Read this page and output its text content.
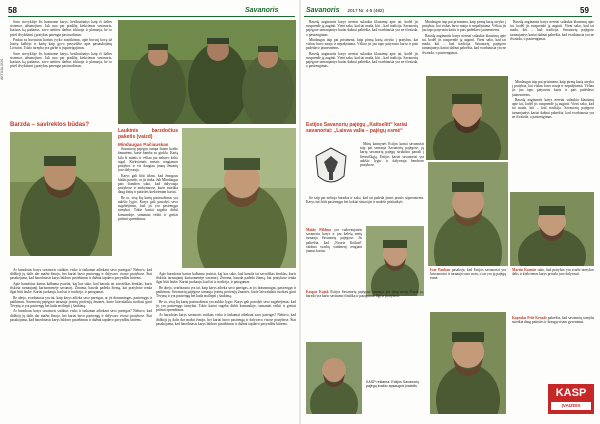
58	Savanoris
AKTUALIJOS

Savo stovykloje šis baziname karys, besikuriantys kaip iš dalies sistemos užsimojimo. Juk nuo pat pradžių kiekvienas savanoris, kuriuos ką padarius, savo ateities darbus rikiuoja ir planuoja, be to prieš išvykdami į pratybas parengia pasiruošimus.

Paskui su buvusiais kariais įvyko susitikimas, apie buvusį kovą už laisvę kalbėjo ir karių kaip gyvo pavyzdžio apie pasiaukojimą Lietuvai. Tokio tarnyba yra garbė ir įsipareigojimas.

Savo stovykloje šis baziname karys, besikuriantys kaip iš dalies sistemos užsimojimo. Juk nuo pat pradžių kiekvienas savanoris, kuriuos ką padarius, savo ateities darbus rikiuoja ir planuoja, be to prieš išvykdami į pratybas parengia pasiruošimus.

Barzda – savireklos būdas?

Laukinis barzdočius paketis (vaizd)
Mindaugas Pačiauskas

Savanorių pajėgos tampa šiame krašte žmonėms, kurie bamba su ginklu. Kartą kilo ši mintis ir vėliau jau nebuvo kelio atgal. Kiekvienais metais rengiamos pratybos ir vis daugiau jaunų žmonių jose dalyvauja.

Karys gali būti tikras, kad žmogaus būdas parodo, ar jis tinka. Juk Mindaugas pats šiandien sako, kad dalyvauja pratybose ir mokymuose, kurie suteikia daug žinių ir patirties kiekvienam kariui.

Be to, visų šių karių pasiruošimas yra aukšto lygio. Karys gali parodyti savo sugebėjimus, kad jis yra pasirengęs tarnybai. Tokie kariai sugeba dirbti komandoje, sumaniai veikti ir greitai priimti sprendimus.

Ar barzdotas karys savanoris sutiktas visko ir tinkamai atliekant savo pareigas? Nebuvo, kad didžioji jų dalis dar mažai žinojo, bet kariai buvo pasirengę ir dalyvavo visose pratybose. Štai pasakojama, kad barzdotasis karys būdavo pastebimas ir dažnai tapdavo pavyzdžiu kitiems.

Apie barzdotus karius kalbama įvairiai, kai kas sako, kad barzda tai savotiškas ženklas, kuris išskiria tarnaujantį kariuomenėje savanorį. Žinoma, barzda padeda žiemą, kai pratybose tenka ilgai būti lauke. Kariai juokauja, kad tai ir tradicija, ir patogumas.

Be abejo, svarbiausia yra tai, kaip karys atlieka savo pareigas, ar jis drausmingas, pasirengęs ir patikimas. Savanorių pajėgose tarnauja įvairių profesijų žmonės, kurie laisvalaikiu ruošiasi ginti Tėvynę ir yra pasirengę bet kada atsiliepti į šaukimą.

Ar barzdotas karys savanoris sutiktas visko ir tinkamai atliekant savo pareigas? Nebuvo, kad didžioji jų dalis dar mažai žinojo, bet kariai buvo pasirengę ir dalyvavo visose pratybose. Štai pasakojama, kad barzdotasis karys būdavo pastebimas ir dažnai tapdavo pavyzdžiu kitiems.

Apie barzdotus karius kalbama įvairiai, kai kas sako, kad barzda tai savotiškas ženklas, kuris išskiria tarnaujantį kariuomenėje savanorį. Žinoma, barzda padeda žiemą, kai pratybose tenka ilgai būti lauke. Kariai juokauja, kad tai ir tradicija, ir patogumas.

Be abejo, svarbiausia yra tai, kaip karys atlieka savo pareigas, ar jis drausmingas, pasirengęs ir patikimas. Savanorių pajėgose tarnauja įvairių profesijų žmonės, kurie laisvalaikiu ruošiasi ginti Tėvynę ir yra pasirengę bet kada atsiliepti į šaukimą.

Be to, visų šių karių pasiruošimas yra aukšto lygio. Karys gali parodyti savo sugebėjimus, kad jis yra pasirengęs tarnybai. Tokie kariai sugeba dirbti komandoje, sumaniai veikti ir greitai priimti sprendimus.

Ar barzdotas karys savanoris sutiktas visko ir tinkamai atliekant savo pareigas? Nebuvo, kad didžioji jų dalis dar mažai žinojo, bet kariai buvo pasirengę ir dalyvavo visose pratybose. Štai pasakojama, kad barzdotasis karys būdavo pastebimas ir dažnai tapdavo pavyzdžiu kitiems.

Savanoris 2017 Nr. 4-5 (482)	59

Barzdą auginantis karys neretai sulaukia klausimų apie tai, kodėl jis nusprendė ją auginti. Vieni sako, kad tai mada, kiti – kad tradicija. Savanorių pajėgose tarnaujantys kariai dažnai pabrėžia, kad svarbiausia yra ne išvaizda, o pasirengimas.

Mindaugas taip pat prisimena, kaip pirmą kartą atvyko į pratybas, kai viskas buvo nauja ir nepažįstama. Vėliau jis jau tapo patyrusiu kariu ir pats padėdavo jaunesniems.

Barzdą auginantis karys neretai sulaukia klausimų apie tai, kodėl jis nusprendė ją auginti. Vieni sako, kad tai mada, kiti – kad tradicija. Savanorių pajėgose tarnaujantys kariai dažnai pabrėžia, kad svarbiausia yra ne išvaizda, o pasirengimas.

Mindaugas taip pat prisimena, kaip pirmą kartą atvyko į pratybas, kai viskas buvo nauja ir nepažįstama. Vėliau jis jau tapo patyrusiu kariu ir pats padėdavo jaunesniems.

Barzdą auginantis karys neretai sulaukia klausimų apie tai, kodėl jis nusprendė ją auginti. Vieni sako, kad tai mada, kiti – kad tradicija. Savanorių pajėgose tarnaujantys kariai dažnai pabrėžia, kad svarbiausia yra ne išvaizda, o pasirengimas.

Barzdą auginantis karys neretai sulaukia klausimų apie tai, kodėl jis nusprendė ją auginti. Vieni sako, kad tai mada, kiti – kad tradicija. Savanorių pajėgose tarnaujantys kariai dažnai pabrėžia, kad svarbiausia yra ne išvaizda, o pasirengimas.

Mindaugas taip pat prisimena, kaip pirmą kartą atvyko į pratybas, kai viskas buvo nauja ir nepažįstama. Vėliau jis jau tapo patyrusiu kariu ir pats padėdavo jaunesniems.

Barzdą auginantis karys neretai sulaukia klausimų apie tai, kodėl jis nusprendė ją auginti. Vieni sako, kad tai mada, kiti – kad tradicija. Savanorių pajėgose tarnaujantys kariai dažnai pabrėžia, kad svarbiausia yra ne išvaizda, o pasirengimas.

Estijos Savanorių pajėgų „Kaitseliit“ kariai savanoriai: „Laisva valia – pajėgų esmė“

Mūsų kaimynės Estijos kariai savanoriai taip pat tarnauja Savanorių pajėgose, jų karių savanorių pajėgų struktūra panaši į lietuviškąją. Estijos kariai savanoriai yra aukšto lygio ir dalyvauja bendrose pratybose.

Jie taip pat nešioja barzdas ir sako, kad tai padeda jiems jaustis stipresniems. Karys turi būti pasirengęs bet kokiai situacijai ir mokėti prisitaikyti.

Maido Põldma yra vadovaujantis savanoriu karys ir jau keletą metų tarnauja Savanorių pajėgose. Jis pabrėžia, kad „Noorte Kotkad“ vaidina svarbų vaidmenį rengiant jaunus karius.
Kaspar Kajak Estijos Savanorių pajėgose tarnauja jau daug metų. Pasak jo, barzda yra kario savitumo išraiška ir patogumas ilgose pratybose.
Ivar Paulson pasakoja, kad Estijos savanoriai yra laisvanoriai ir tarnauja savo noru, o tai yra jų pajėgų esmė.
Martin Karmin sako, kad pratybos yra svarbi tarnybos dalis ir kiekvienas karys privalo jose dalyvauti.
KASP reklama: Estijos Savanorių pajėgų krašto apsaugos įvaizdis
Kapralas Priit Kevade pabrėžia, kad savanorių tarnyba suteikia daug patirties ir draugų visam gyvenimui.
KASP
ĮVAIZDIS
